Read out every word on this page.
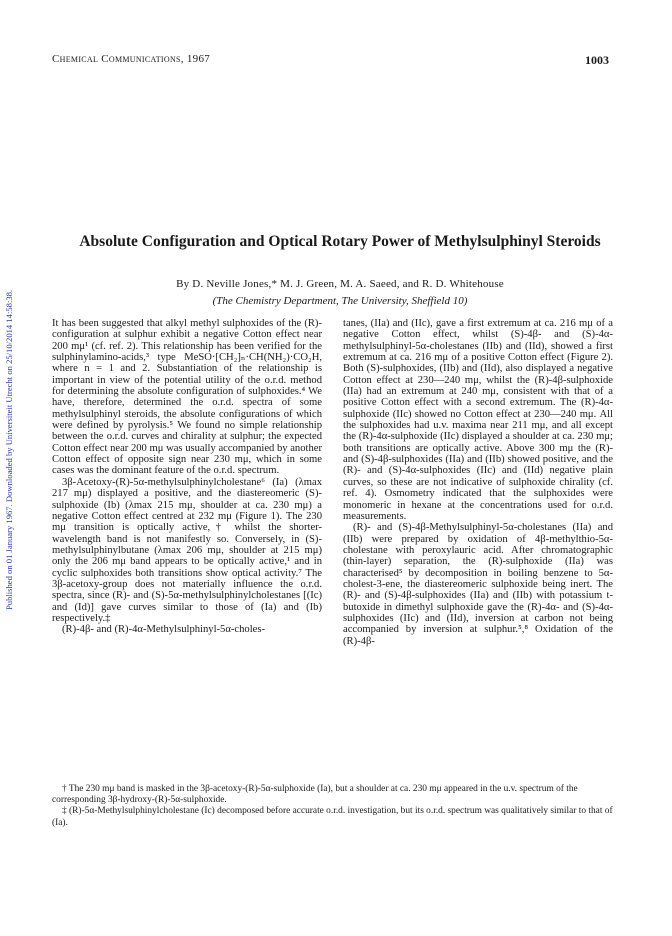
Published on 01 January 1967. Downloaded by Universiteit Utrecht on 25/10/2014 14:58:38.
Chemical Communications, 1967	1003
Absolute Configuration and Optical Rotary Power of Methylsulphinyl Steroids
By D. Neville Jones,* M. J. Green, M. A. Saeed, and R. D. Whitehouse
(The Chemistry Department, The University, Sheffield 10)

It has been suggested that alkyl methyl sulphoxides of the (R)-configuration at sulphur exhibit a negative Cotton effect near 200 mμ¹ (cf. ref. 2). This relationship has been verified for the sulphinylamino-acids,³ type MeSO·[CH₂]ₙ·CH(NH₂)·CO₂H, where n = 1 and 2. Substantiation of the relationship is important in view of the potential utility of the o.r.d. method for determining the absolute configuration of sulphoxides.⁴ We have, therefore, determined the o.r.d. spectra of some methylsulphinyl steroids, the absolute configurations of which were defined by pyrolysis.⁵ We found no simple relationship between the o.r.d. curves and chirality at sulphur; the expected Cotton effect near 200 mμ was usually accompanied by another Cotton effect of opposite sign near 230 mμ, which in some cases was the dominant feature of the o.r.d. spectrum.

3β-Acetoxy-(R)-5α-methylsulphinylcholestane⁶ (Ia) (λmax 217 mμ) displayed a positive, and the diastereomeric (S)-sulphoxide (Ib) (λmax 215 mμ, shoulder at ca. 230 mμ) a negative Cotton effect centred at 232 mμ (Figure 1). The 230 mμ transition is optically active,† whilst the shorter-wavelength band is not manifestly so. Conversely, in (S)-methylsulphinylbutane (λmax 206 mμ, shoulder at 215 mμ) only the 206 mμ band appears to be optically active,¹ and in cyclic sulphoxides both transitions show optical activity.⁷ The 3β-acetoxy-group does not materially influence the o.r.d. spectra, since (R)- and (S)-5α-methylsulphinylcholestanes [(Ic) and (Id)] gave curves similar to those of (Ia) and (Ib) respectively.‡

(R)-4β- and (R)-4α-Methylsulphinyl-5α-choles-

tanes, (IIa) and (IIc), gave a first extremum at ca. 216 mμ of a negative Cotton effect, whilst (S)-4β- and (S)-4α-methylsulphinyl-5α-cholestanes (IIb) and (IId), showed a first extremum at ca. 216 mμ of a positive Cotton effect (Figure 2). Both (S)-sulphoxides, (IIb) and (IId), also displayed a negative Cotton effect at 230—240 mμ, whilst the (R)-4β-sulphoxide (IIa) had an extremum at 240 mμ, consistent with that of a positive Cotton effect with a second extremum. The (R)-4α-sulphoxide (IIc) showed no Cotton effect at 230—240 mμ. All the sulphoxides had u.v. maxima near 211 mμ, and all except the (R)-4α-sulphoxide (IIc) displayed a shoulder at ca. 230 mμ; both transitions are optically active. Above 300 mμ the (R)- and (S)-4β-sulphoxides (IIa) and (IIb) showed positive, and the (R)- and (S)-4α-sulphoxides (IIc) and (IId) negative plain curves, so these are not indicative of sulphoxide chirality (cf. ref. 4). Osmometry indicated that the sulphoxides were monomeric in hexane at the concentrations used for o.r.d. measurements.

(R)- and (S)-4β-Methylsulphinyl-5α-cholestanes (IIa) and (IIb) were prepared by oxidation of 4β-methylthio-5α-cholestane with peroxylauric acid. After chromatographic (thin-layer) separation, the (R)-sulphoxide (IIa) was characterised⁵ by decomposition in boiling benzene to 5α-cholest-3-ene, the diastereomeric sulphoxide being inert. The (R)- and (S)-4β-sulphoxides (IIa) and (IIb) with potassium t-butoxide in dimethyl sulphoxide gave the (R)-4α- and (S)-4α-sulphoxides (IIc) and (IId), inversion at carbon not being accompanied by inversion at sulphur.⁵,⁸ Oxidation of the (R)-4β-

† The 230 mμ band is masked in the 3β-acetoxy-(R)-5α-sulphoxide (Ia), but a shoulder at ca. 230 mμ appeared in the u.v. spectrum of the corresponding 3β-hydroxy-(R)-5α-sulphoxide.

‡ (R)-5α-Methylsulphinylcholestane (Ic) decomposed before accurate o.r.d. investigation, but its o.r.d. spectrum was qualitatively similar to that of (Ia).
